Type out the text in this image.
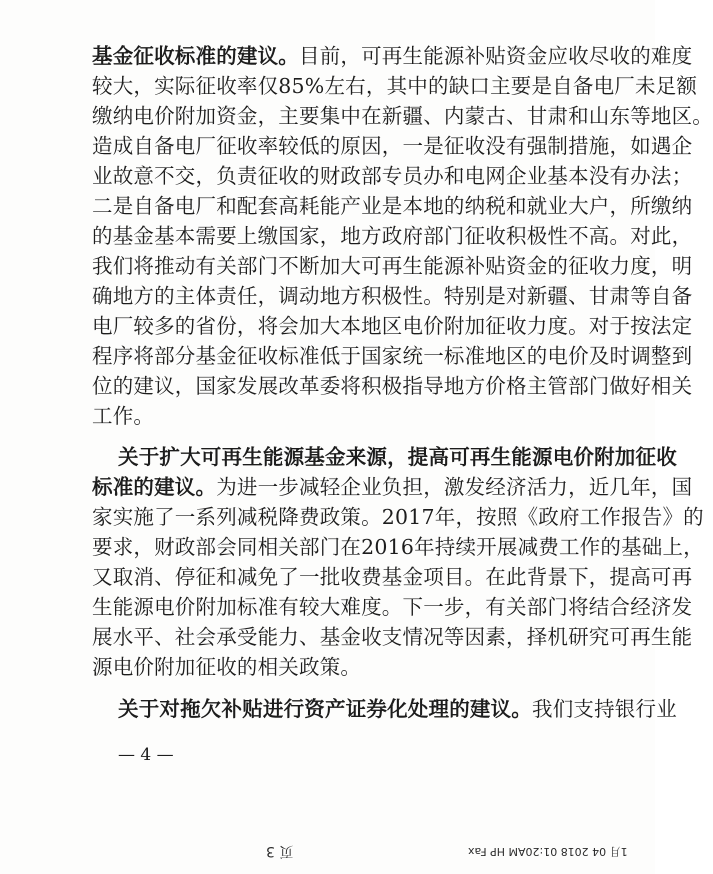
基金征收标准的建议。目前，可再生能源补贴资金应收尽收的难度
较大，实际征收率仅85%左右，其中的缺口主要是自备电厂未足额
缴纳电价附加资金，主要集中在新疆、内蒙古、甘肃和山东等地区。
造成自备电厂征收率较低的原因，一是征收没有强制措施，如遇企
业故意不交，负责征收的财政部专员办和电网企业基本没有办法；
二是自备电厂和配套高耗能产业是本地的纳税和就业大户，所缴纳
的基金基本需要上缴国家，地方政府部门征收积极性不高。对此，
我们将推动有关部门不断加大可再生能源补贴资金的征收力度，明
确地方的主体责任，调动地方积极性。特别是对新疆、甘肃等自备
电厂较多的省份，将会加大本地区电价附加征收力度。对于按法定
程序将部分基金征收标准低于国家统一标准地区的电价及时调整到
位的建议，国家发展改革委将积极指导地方价格主管部门做好相关
工作。
关于扩大可再生能源基金来源，提高可再生能源电价附加征收
标准的建议。为进一步减轻企业负担，激发经济活力，近几年，国
家实施了一系列减税降费政策。2017年，按照《政府工作报告》的
要求，财政部会同相关部门在2016年持续开展减费工作的基础上，
又取消、停征和减免了一批收费基金项目。在此背景下，提高可再
生能源电价附加标准有较大难度。下一步，有关部门将结合经济发
展水平、社会承受能力、基金收支情况等因素，择机研究可再生能
源电价附加征收的相关政策。
关于对拖欠补贴进行资产证券化处理的建议。我们支持银行业
— 4 —
页 3	1月 04 2018 01:20AM HP Fax
